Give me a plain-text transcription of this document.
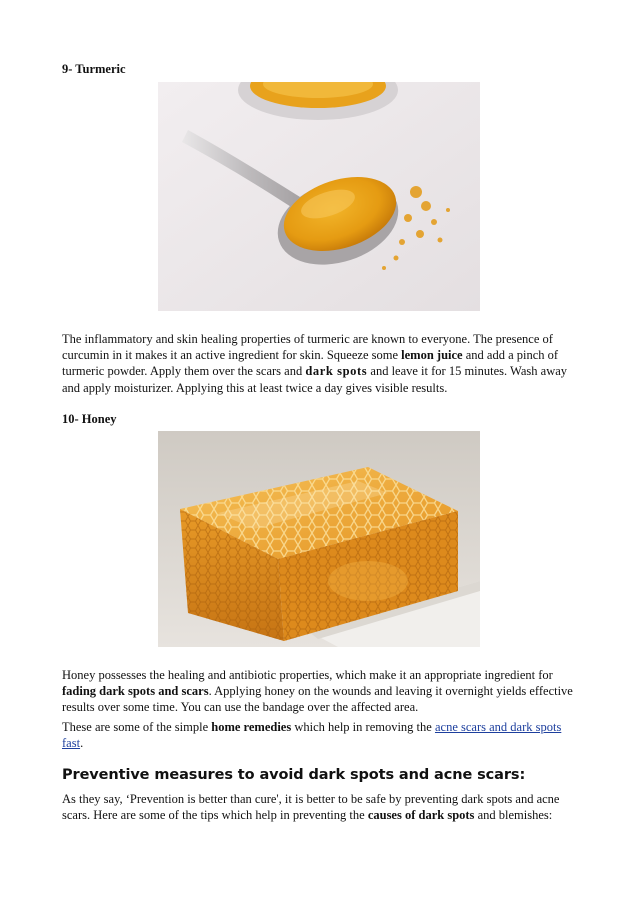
9- Turmeric

The inflammatory and skin healing properties of turmeric are known to everyone. The presence of curcumin in it makes it an active ingredient for skin. Squeeze some lemon juice and add a pinch of turmeric powder. Apply them over the scars and dark spots and leave it for 15 minutes. Wash away and apply moisturizer. Applying this at least twice a day gives visible results.

10- Honey

Honey possesses the healing and antibiotic properties, which make it an appropriate ingredient for fading dark spots and scars. Applying honey on the wounds and leaving it overnight yields effective results over some time. You can use the bandage over the affected area.

These are some of the simple home remedies which help in removing the acne scars and dark spots fast.

Preventive measures to avoid dark spots and acne scars:

As they say, ‘Prevention is better than cure', it is better to be safe by preventing dark spots and acne scars. Here are some of the tips which help in preventing the causes of dark spots and blemishes:
